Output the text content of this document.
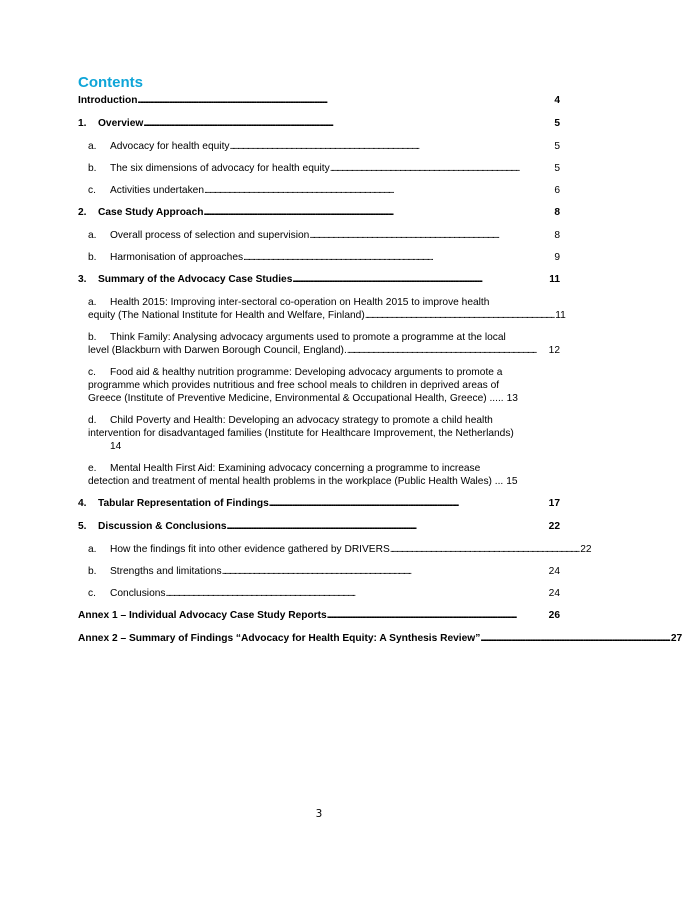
Contents
Introduction . . .	4
1.	Overview . . .	5
a.	Advocacy for health equity . . .	5
b.	The six dimensions of advocacy for health equity . . .	5
c.	Activities undertaken . . .	6
2.	Case Study Approach . . .	8
a.	Overall process of selection and supervision . . .	8
b.	Harmonisation of approaches . . .	9
3.	Summary of the Advocacy Case Studies . . .	11
a. Health 2015: Improving inter-sectoral co-operation on Health 2015 to improve health
equity (The National Institute for Health and Welfare, Finland) . . .	11
b. Think Family: Analysing advocacy arguments used to promote a programme at the local
level (Blackburn with Darwen Borough Council, England). . . .	12
c. Food aid & healthy nutrition programme: Developing advocacy arguments to promote a
programme which provides nutritious and free school meals to children in deprived areas of
Greece (Institute of Preventive Medicine, Environmental & Occupational Health, Greece) ..... 13
d. Child Poverty and Health: Developing an advocacy strategy to promote a child health
intervention for disadvantaged families (Institute for Healthcare Improvement, the Netherlands)
14
e. Mental Health First Aid: Examining advocacy concerning a programme to increase
detection and treatment of mental health problems in the workplace (Public Health Wales) ... 15
4.	Tabular Representation of Findings . . .	17
5.	Discussion & Conclusions . . .	22
a.	How the findings fit into other evidence gathered by DRIVERS . . .	22
b.	Strengths and limitations . . .	24
c.	Conclusions . . .	24
Annex 1 – Individual Advocacy Case Study Reports . . .	26
Annex 2 – Summary of Findings “Advocacy for Health Equity: A Synthesis Review” . . .	27
3
